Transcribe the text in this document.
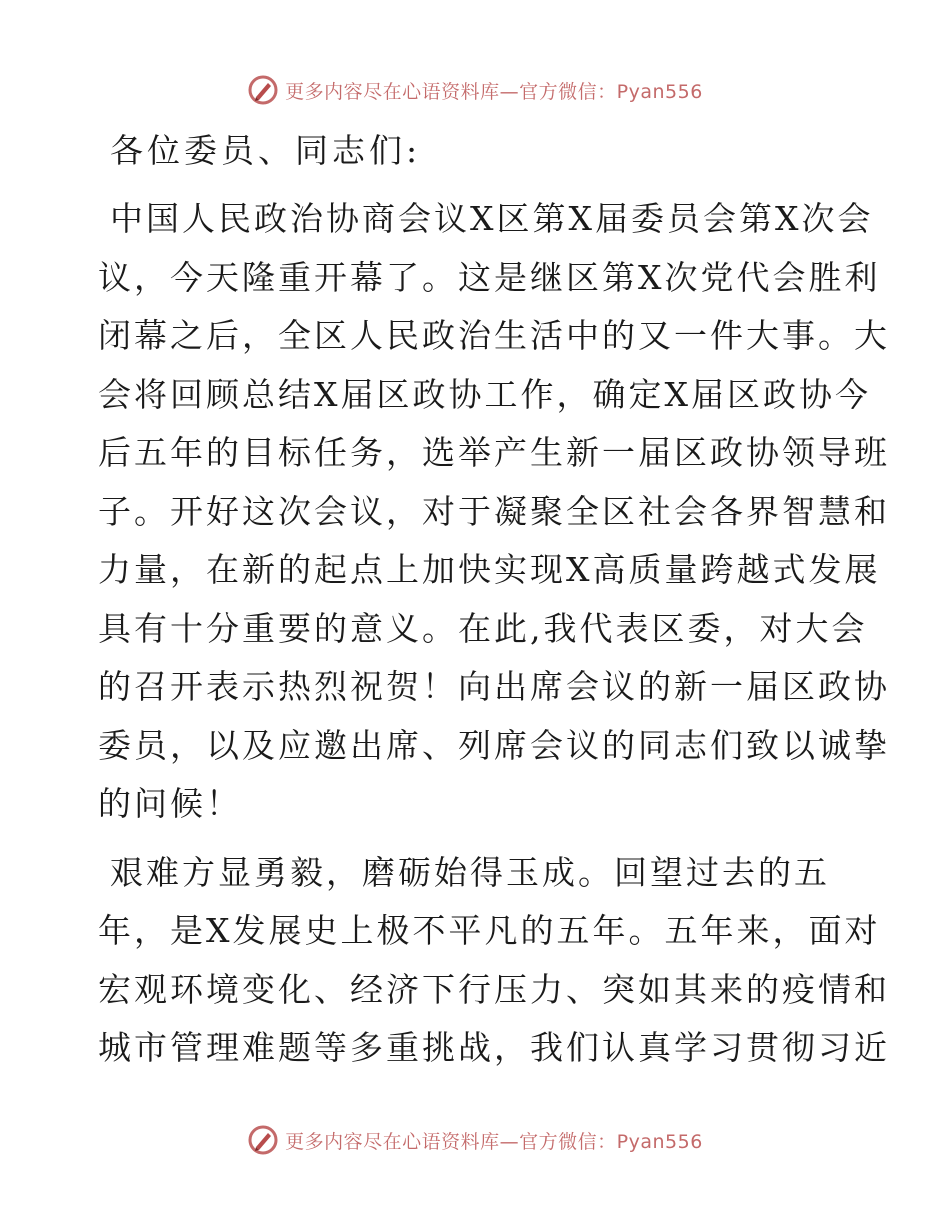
更多内容尽在心语资料库—官方微信：Pyan556
各位委员、同志们:
中国人民政治协商会议X区第X届委员会第X次会
议，今天隆重开幕了。这是继区第X次党代会胜利
闭幕之后，全区人民政治生活中的又一件大事。大
会将回顾总结X届区政协工作，确定X届区政协今
后五年的目标任务，选举产生新一届区政协领导班
子。开好这次会议，对于凝聚全区社会各界智慧和
力量，在新的起点上加快实现X高质量跨越式发展
具有十分重要的意义。在此,我代表区委，对大会
的召开表示热烈祝贺！向出席会议的新一届区政协
委员，以及应邀出席、列席会议的同志们致以诚挚
的问候！
艰难方显勇毅，磨砺始得玉成。回望过去的五
年，是X发展史上极不平凡的五年。五年来，面对
宏观环境变化、经济下行压力、突如其来的疫情和
城市管理难题等多重挑战，我们认真学习贯彻习近
更多内容尽在心语资料库—官方微信：Pyan556
